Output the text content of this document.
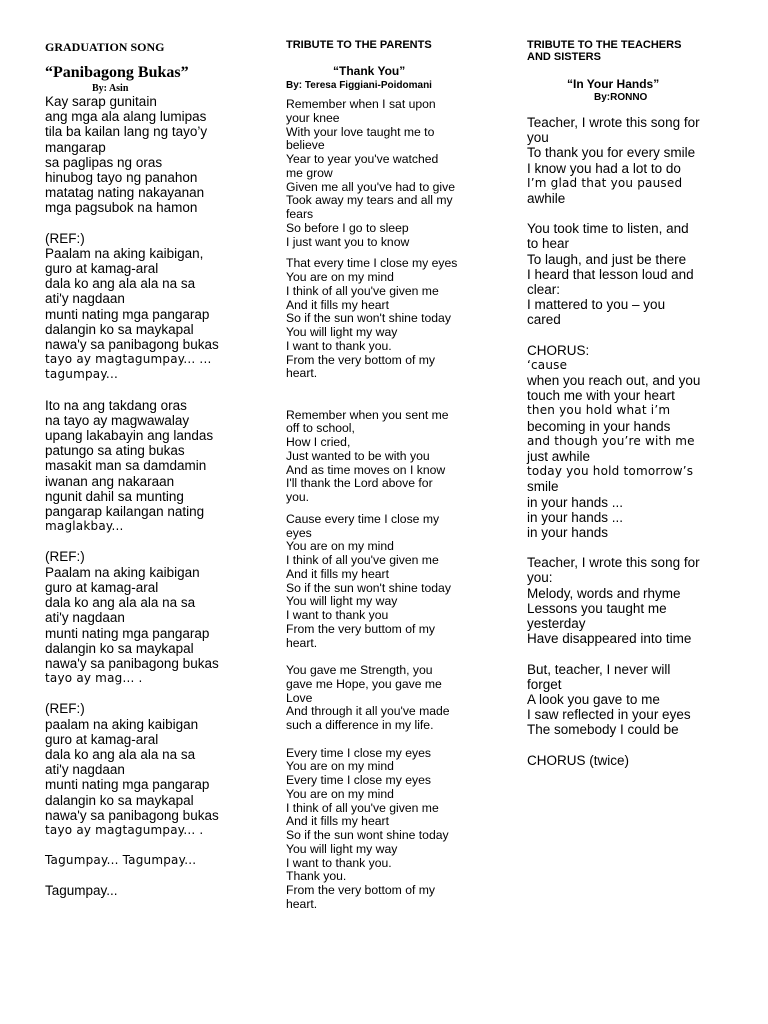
GRADUATION SONG
“Panibagong Bukas”
By: Asin

Kay sarap gunitain

ang mga ala alang lumipas

tila ba kailan lang ng tayo’y

mangarap

sa paglipas ng oras

hinubog tayo ng panahon

matatag nating nakayanan

mga pagsubok na hamon

(REF:)

Paalam na aking kaibigan,

guro at kamag-aral

dala ko ang ala ala na sa

ati'y nagdaan

munti nating mga pangarap

dalangin ko sa maykapal

nawa'y sa panibagong bukas

tayo ay magtagumpay... ...

tagumpay...

Ito na ang takdang oras

na tayo ay magwawalay

upang lakabayin ang landas

patungo sa ating bukas

masakit man sa damdamin

iwanan ang nakaraan

ngunit dahil sa munting

pangarap kailangan nating

maglakbay...

(REF:)

Paalam na aking kaibigan

guro at kamag-aral

dala ko ang ala ala na sa

ati'y nagdaan

munti nating mga pangarap

dalangin ko sa maykapal

nawa'y sa panibagong bukas

tayo ay mag... .

(REF:)

paalam na aking kaibigan

guro at kamag-aral

dala ko ang ala ala na sa

ati'y nagdaan

munti nating mga pangarap

dalangin ko sa maykapal

nawa'y sa panibagong bukas

tayo ay magtagumpay... .

Tagumpay... Tagumpay...

Tagumpay...

TRIBUTE TO THE PARENTS
“Thank You”
By: Teresa Figgiani-Poidomani

Remember when I sat upon

your knee

With your love taught me to

believe

Year to year you've watched

me grow

Given me all you've had to give

Took away my tears and all my

fears

So before I go to sleep

I just want you to know

That every time I close my eyes

You are on my mind

I think of all you've given me

And it fills my heart

So if the sun won't shine today

You will light my way

I want to thank you.

From the very bottom of my

heart.

Remember when you sent me

off to school,

How I cried,

Just wanted to be with you

And as time moves on I know

I'll thank the Lord above for

you.

Cause every time I close my

eyes

You are on my mind

I think of all you've given me

And it fills my heart

So if the sun won't shine today

You will light my way

I want to thank you

From the very buttom of my

heart.

You gave me Strength, you

gave me Hope, you gave me

Love

And through it all you've made

such a difference in my life.

Every time I close my eyes

You are on my mind

Every time I close my eyes

You are on my mind

I think of all you've given me

And it fills my heart

So if the sun wont shine today

You will light my way

I want to thank you.

Thank you.

From the very bottom of my

heart.

TRIBUTE TO THE TEACHERS
AND SISTERS
“In Your Hands”
By:RONNO

Teacher, I wrote this song for

you

To thank you for every smile

I know you had a lot to do

I’m glad that you paused

awhile

You took time to listen, and

to hear

To laugh, and just be there

I heard that lesson loud and

clear:

I mattered to you – you

cared

CHORUS:

‘cause

when you reach out, and you

touch me with your heart

then you hold what i’m

becoming in your hands

and though you’re with me

just awhile

today you hold tomorrow’s

smile

in your hands ...

in your hands ...

in your hands

Teacher, I wrote this song for

you:

Melody, words and rhyme

Lessons you taught me

yesterday

Have disappeared into time

But, teacher, I never will

forget

A look you gave to me

I saw reflected in your eyes

The somebody I could be

CHORUS (twice)
